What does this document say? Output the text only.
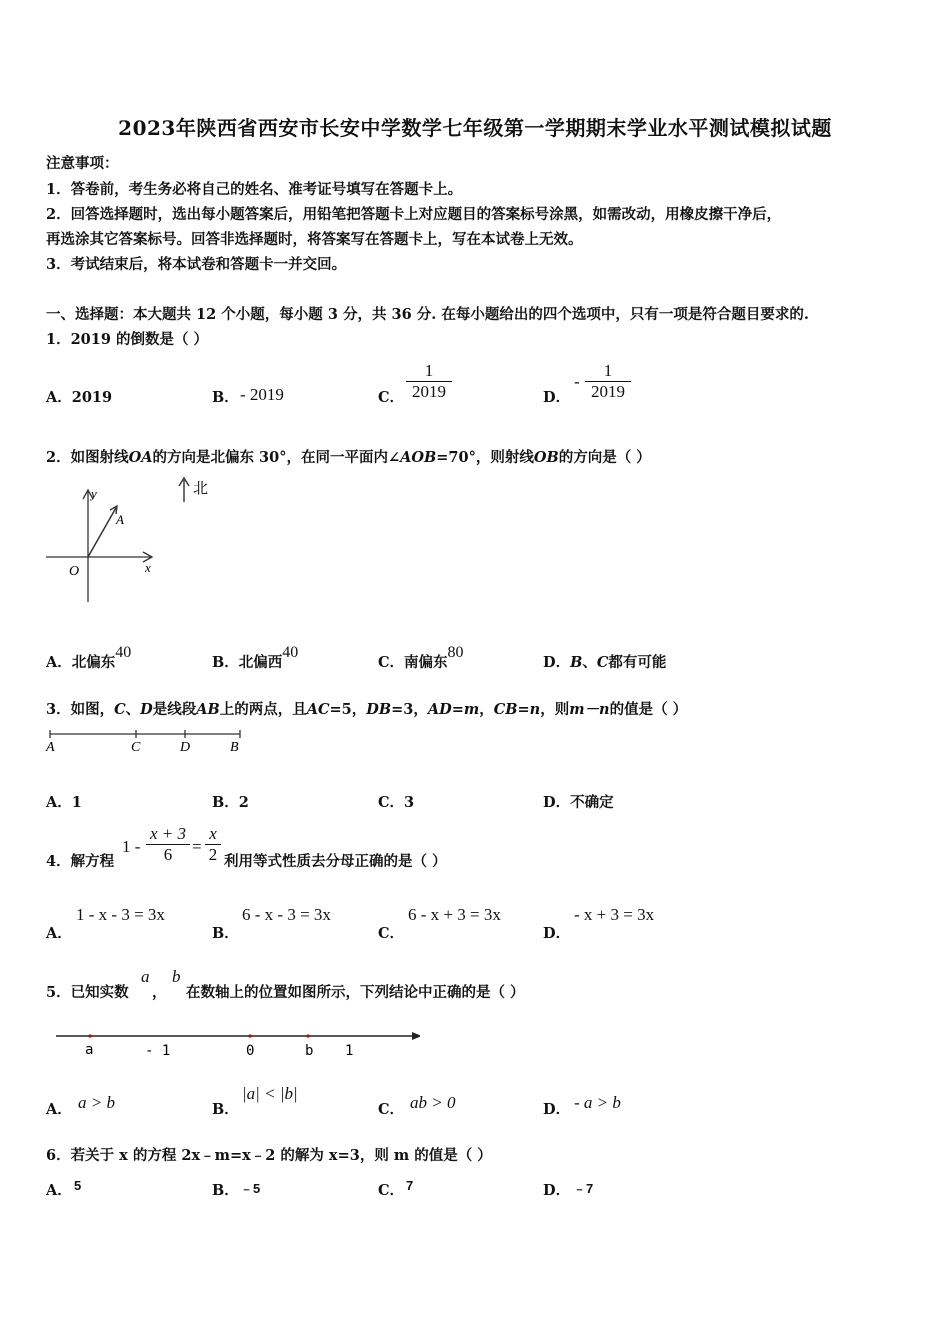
2023年陕西省西安市长安中学数学七年级第一学期期末学业水平测试模拟试题
注意事项：
1．答卷前，考生务必将自己的姓名、准考证号填写在答题卡上。
2．回答选择题时，选出每小题答案后，用铅笔把答题卡上对应题目的答案标号涂黑，如需改动，用橡皮擦干净后，
再选涂其它答案标号。回答非选择题时，将答案写在答题卡上，写在本试卷上无效。
3．考试结束后，将本试卷和答题卡一并交回。
一、选择题：本大题共 12 个小题，每小题 3 分，共 36 分. 在每小题给出的四个选项中，只有一项是符合题目要求的.
1．2019 的倒数是（ ）
A．2019	B． - 2019	C． $\frac{1}{2019}$	D．
- $\frac{1}{2019}$
2．如图射线OA的方向是北偏东 30°，在同一平面内∠AOB=70°，则射线OB的方向是（ ）
y
A
O	x
北
A．北偏东40
B．北偏西40
C．南偏东80
D．B、C都有可能
3．如图，C、D是线段AB上的两点，且AC=5，DB=3，AD=m，CB=n，则m－n的值是（ ）
A	C	D	B
A．1	B．2	C．3	D．不确定
4．解方程
$1 - \frac{x + 3}{6} = \frac{x}{2}$ 利用等式性质去分母正确的是（ ）
A．
1 - x - 3 = 3x
B．
6 - x - 3 = 3x
C．
6 - x + 3 = 3x
D．
- x + 3 = 3x
5．已知实数
a
，
b
在数轴上的位置如图所示，下列结论中正确的是（ ）
a	- 1	0	b 1
A． a > b	B．
|a| < |b|
C． ab > 0	D． - a > b
6．若关于 x 的方程 2x﹣m=x﹣2 的解为 x=3，则 m 的值是（ ）
A． 5	B． ﹣5	C． 7	D． ﹣7
